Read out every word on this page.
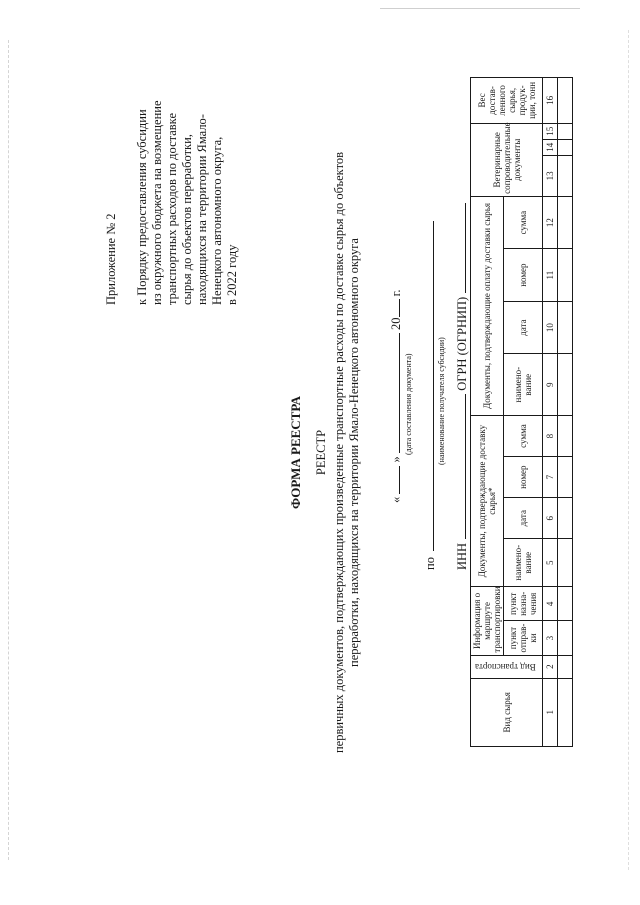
Приложение № 2 к Порядку предоставления субсидии из окружного бюджета на возмещение транспортных расходов по доставке сырья до объектов переработки, находящихся на территории Ямало- Ненецкого автономного округа, в 2022 году
ФОРМА РЕЕСТРА РЕЕСТР первичных документов, подтверждающих произведенные транспортные расходы по доставке сырья до объектов переработки, находящихся на территории Ямало-Ненецкого автономного округа «  »  20 г.
(дата составления документа)
по
(наименование получателя субсидии)
ИНН ОГРН (ОГРНИП)
Вид сырья	Вид транспорта	Информация о маршруте транспортировки		Документы, подтверждающие доставку сырья*				Документы, подтверждающие оплату доставки сырья				Ветеринарные сопроводительные документы			Вес достав-ленного сырья, продук-ции, тонн
		пункт отправ-ки	пункт назна-чения	наимено-вание	дата	номер	сумма	наимено-вание	дата	номер	сумма				
1	2	3	4	5	6	7	8	9	10	11	12	13	14	15	16
